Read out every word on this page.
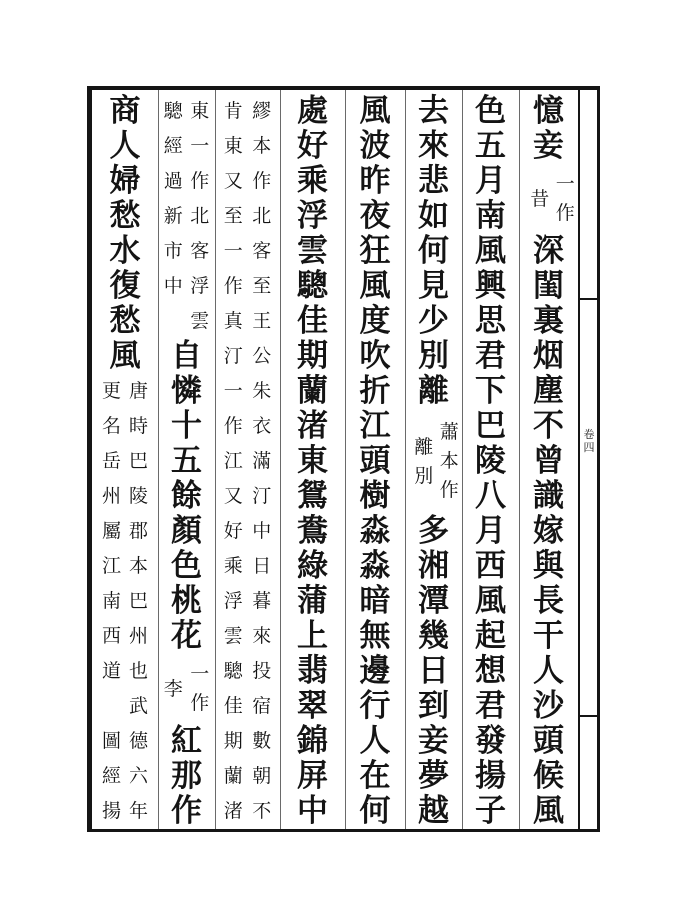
卷
四
憶
妾
一
作
昔
深
閨
裏
烟
塵
不
曾
識
嫁
與
長
干
人
沙
頭
候
風
色
五
月
南
風
興
思
君
下
巴
陵
八
月
西
風
起
想
君
發
揚
子
去
來
悲
如
何
見
少
別
離
蕭
本
作
離
別
多
湘
潭
幾
日
到
妾
夢
越
風
波
昨
夜
狂
風
度
吹
折
江
頭
樹
淼
淼
暗
無
邊
行
人
在
何
處
好
乘
浮
雲
驄
佳
期
蘭
渚
東
鴛
鴦
綠
蒲
上
翡
翠
錦
屏
中
繆
本
作
北
客
至
王
公
朱
衣
滿
汀
中
日
暮
來
投
宿
數
朝
不
肯
東
又
至
一
作
真
汀
一
作
江
又
好
乘
浮
雲
驄
佳
期
蘭
渚
東
一
作
北
客
浮
雲
驄
經
過
新
市
中
自
憐
十
五
餘
顏
色
桃
花
一
作
李
紅
那
作
商
人
婦
愁
水
復
愁
風
唐
時
巴
陵
郡
本
巴
州
也
武
德
六
年
更
名
岳
州
屬
江
南
西
道
圖
經
揚
